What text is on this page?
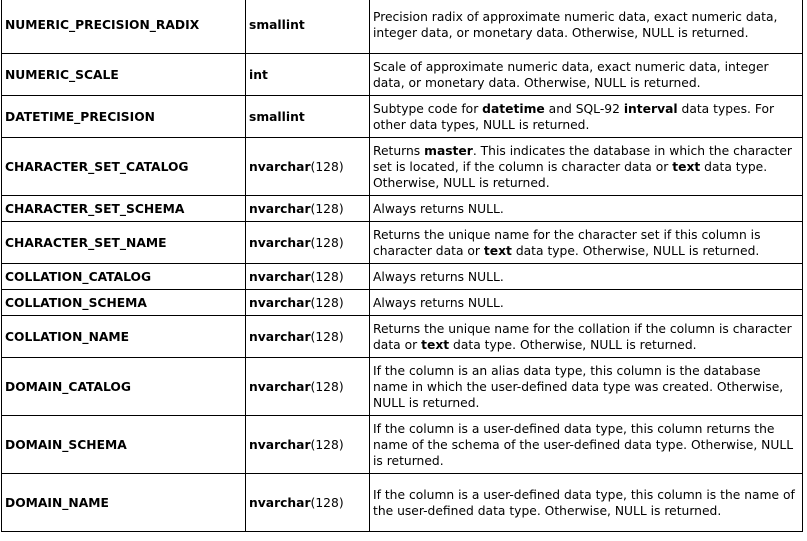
NUMERIC_PRECISION_RADIX	smallint	Precision radix of approximate numeric data, exact numeric data, integer data, or monetary data. Otherwise, NULL is returned.
NUMERIC_SCALE	int	Scale of approximate numeric data, exact numeric data, integer data, or monetary data. Otherwise, NULL is returned.
DATETIME_PRECISION	smallint	Subtype code for datetime and SQL-92 interval data types. For other data types, NULL is returned.
CHARACTER_SET_CATALOG	nvarchar(128)	Returns master. This indicates the database in which the character set is located, if the column is character data or text data type. Otherwise, NULL is returned.
CHARACTER_SET_SCHEMA	nvarchar(128)	Always returns NULL.
CHARACTER_SET_NAME	nvarchar(128)	Returns the unique name for the character set if this column is character data or text data type. Otherwise, NULL is returned.
COLLATION_CATALOG	nvarchar(128)	Always returns NULL.
COLLATION_SCHEMA	nvarchar(128)	Always returns NULL.
COLLATION_NAME	nvarchar(128)	Returns the unique name for the collation if the column is character data or text data type. Otherwise, NULL is returned.
DOMAIN_CATALOG	nvarchar(128)	If the column is an alias data type, this column is the database name in which the user-defined data type was created. Otherwise, NULL is returned.
DOMAIN_SCHEMA	nvarchar(128)	If the column is a user-defined data type, this column returns the name of the schema of the user-defined data type. Otherwise, NULL is returned.
DOMAIN_NAME	nvarchar(128)	If the column is a user-defined data type, this column is the name of the user-defined data type. Otherwise, NULL is returned.
